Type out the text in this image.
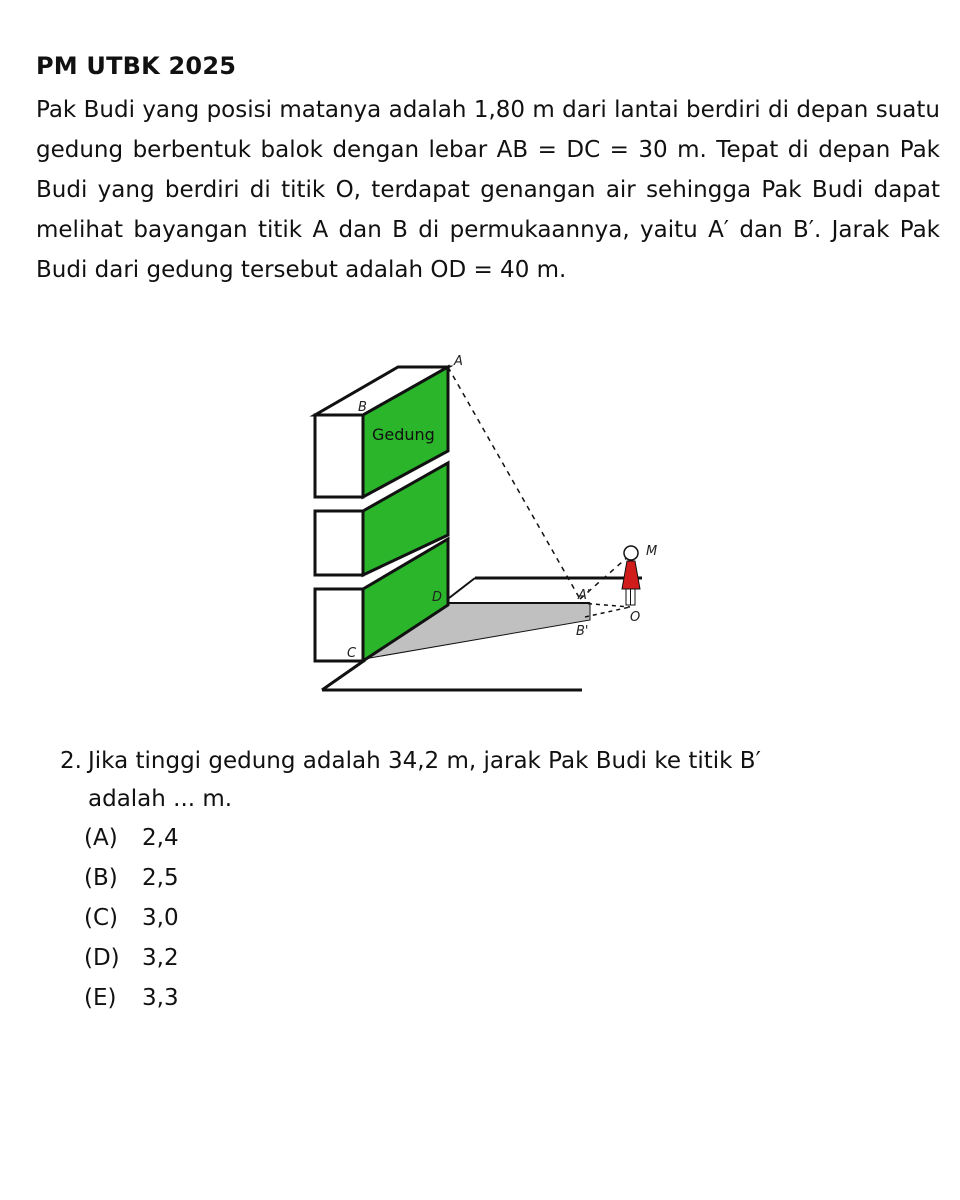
PM UTBK 2025
Pak Budi yang posisi matanya adalah 1,80 m dari lantai berdiri di depan suatu gedung berbentuk balok dengan lebar AB = DC = 30 m. Tepat di depan Pak Budi yang berdiri di titik O, terdapat genangan air sehingga Pak Budi dapat melihat bayangan titik A dan B di permukaannya, yaitu A′ dan B′. Jarak Pak Budi dari gedung tersebut adalah OD = 40 m.
A
B
C
D	A'
B'
M
O
Gedung
2. Jika tinggi gedung adalah 34,2 m, jarak Pak Budi ke titik B′
adalah ... m.
(A)	2,4
(B)	2,5
(C)	3,0
(D) 3,2
(E)	3,3
